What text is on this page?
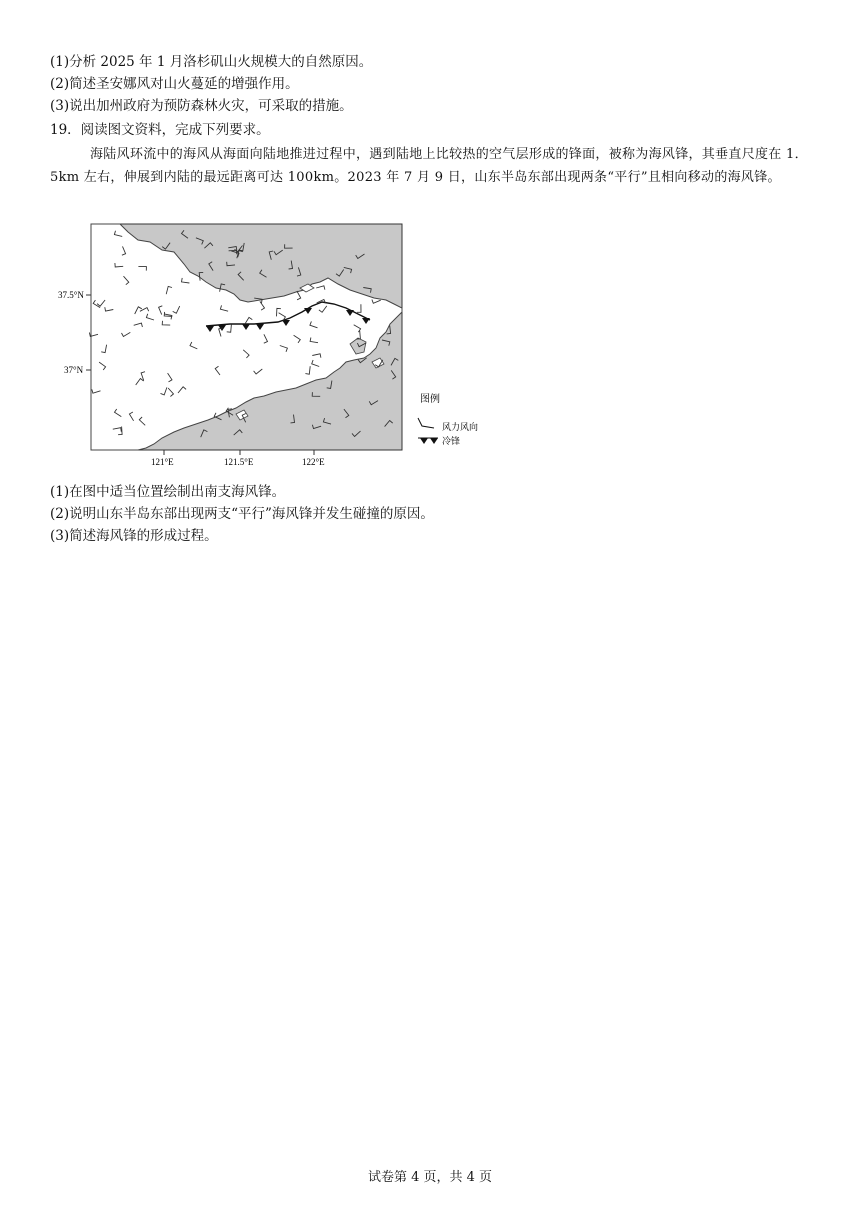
(1)分析 2025 年 1 月洛杉矶山火规模大的自然原因。
(2)简述圣安娜风对山火蔓延的增强作用。
(3)说出加州政府为预防森林火灾，可采取的措施。
19．阅读图文资料，完成下列要求。
海陆风环流中的海风从海面向陆地推进过程中，遇到陆地上比较热的空气层形成的锋面，被称为海风锋，其垂直尺度在 1．5km 左右，伸展到内陆的最远距离可达 100km。2023 年 7 月 9 日，山东半岛东部出现两条“平行”且相向移动的海风锋。
37.5°N
37°N
121°E	121.5°E	122°E
图例
风力风向
冷锋
(1)在图中适当位置绘制出南支海风锋。
(2)说明山东半岛东部出现两支“平行”海风锋并发生碰撞的原因。
(3)简述海风锋的形成过程。
试卷第 4 页，共 4 页
